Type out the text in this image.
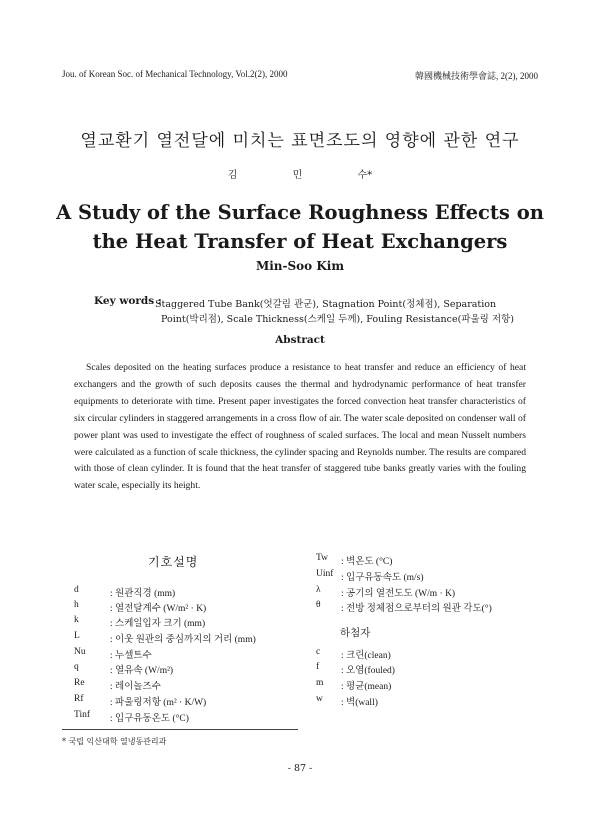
Jou. of Korean Soc. of Mechanical Technology, Vol.2(2), 2000	韓國機械技術學會誌, 2(2), 2000
열교환기 열전달에 미치는 표면조도의 영향에 관한 연구
김	민	수*
A Study of the Surface Roughness Effects on
the Heat Transfer of Heat Exchangers
Min-Soo Kim
Key words :
Staggered Tube Bank(엇갈림 관군), Stagnation Point(정체점), Separation
Point(박리점), Scale Thickness(스케일 두께), Fouling Resistance(파울링 저항)
Abstract
Scales deposited on the heating surfaces produce a resistance to heat transfer and reduce an efficiency of heat exchangers and the growth of such deposits causes the thermal and hydrodynamic performance of heat transfer equipments to deteriorate with time. Present paper investigates the forced convection heat transfer characteristics of six circular cylinders in staggered arrangements in a cross flow of air. The water scale deposited on condenser wall of power plant was used to investigate the effect of roughness of scaled surfaces. The local and mean Nusselt numbers were calculated as a function of scale thickness, the cylinder spacing and Reynolds number. The results are compared with those of clean cylinder. It is found that the heat transfer of staggered tube banks greatly varies with the fouling water scale, especially its height.
기호설명
d	: 원관직경 (mm)
h	: 열전달계수 (W/m² · K)
k	: 스케일입자 크기 (mm)
L	: 이웃 원관의 중심까지의 거리 (mm)
Nu	: 누셀트수
q	: 열유속 (W/m²)
Re	: 레이놀즈수
Rf	: 파울링저항 (m² · K/W)
Tinf : 입구유동온도 (°C)
Tw : 벽온도 (°C)
Uinf : 입구유동속도 (m/s)
λ : 공기의 열전도도 (W/m · K)
θ : 전방 정체점으로부터의 원관 각도(°)
하첨자
c : 크린(clean)
f : 오염(fouled)
m : 평균(mean)
w : 벽(wall)
* 국립 익산대학 열냉동관리과
- 87 -
